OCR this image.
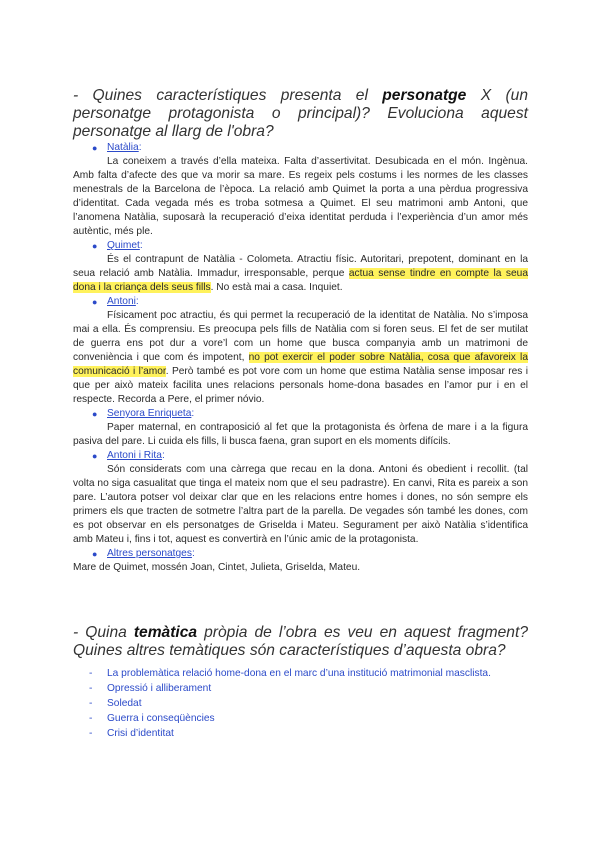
- Quines característiques presenta el personatge X (un personatge protagonista o principal)? Evoluciona aquest personatge al llarg de l'obra?
● Natàlia:
La coneixem a través d’ella mateixa. Falta d’assertivitat. Desubicada en el món. Ingènua. Amb falta d’afecte des que va morir sa mare. Es regeix pels costums i les normes de les classes menestrals de la Barcelona de l’època. La relació amb Quimet la porta a una pèrdua progressiva d’identitat. Cada vegada més es troba sotmesa a Quimet. El seu matrimoni amb Antoni, que l’anomena Natàlia, suposarà la recuperació d’eixa identitat perduda i l’experiència d’un amor més autèntic, més ple.
● Quimet:
És el contrapunt de Natàlia - Colometa. Atractiu físic. Autoritari, prepotent, dominant en la seua relació amb Natàlia. Immadur, irresponsable, perque actua sense tindre en compte la seua dona i la criança dels seus fills. No està mai a casa. Inquiet.
● Antoni:
Físicament poc atractiu, és qui permet la recuperació de la identitat de Natàlia. No s’imposa mai a ella. És comprensiu. Es preocupa pels fills de Natàlia com si foren seus. El fet de ser mutilat de guerra ens pot dur a vore’l com un home que busca companyia amb un matrimoni de conveniència i que com és impotent, no pot exercir el poder sobre Natàlia, cosa que afavoreix la comunicació i l’amor. Però també es pot vore com un home que estima Natàlia sense imposar res i que per això mateix facilita unes relacions personals home-dona basades en l’amor pur i en el respecte. Recorda a Pere, el primer nóvio.
● Senyora Enriqueta:
Paper maternal, en contraposició al fet que la protagonista és òrfena de mare i a la figura pasiva del pare. Li cuida els fills, li busca faena, gran suport en els moments difícils.
● Antoni i Rita:
Són considerats com una càrrega que recau en la dona. Antoni és obedient i recollit. (tal volta no siga casualitat que tinga el mateix nom que el seu padrastre). En canvi, Rita es pareix a son pare. L’autora potser vol deixar clar que en les relacions entre homes i dones, no són sempre els primers els que tracten de sotmetre l’altra part de la parella. De vegades són també les dones, com es pot observar en els personatges de Griselda i Mateu. Segurament per això Natàlia s’identifica amb Mateu i, fins i tot, aquest es convertirà en l’únic amic de la protagonista.
● Altres personatges:
Mare de Quimet, mossén Joan, Cintet, Julieta, Griselda, Mateu.
- Quina temàtica pròpia de l’obra es veu en aquest fragment? Quines altres temàtiques són característiques d’aquesta obra?
- La problemàtica relació home-dona en el marc d’una institució matrimonial masclista.
- Opressió i alliberament
- Soledat
- Guerra i conseqüències
- Crisi d’identitat
